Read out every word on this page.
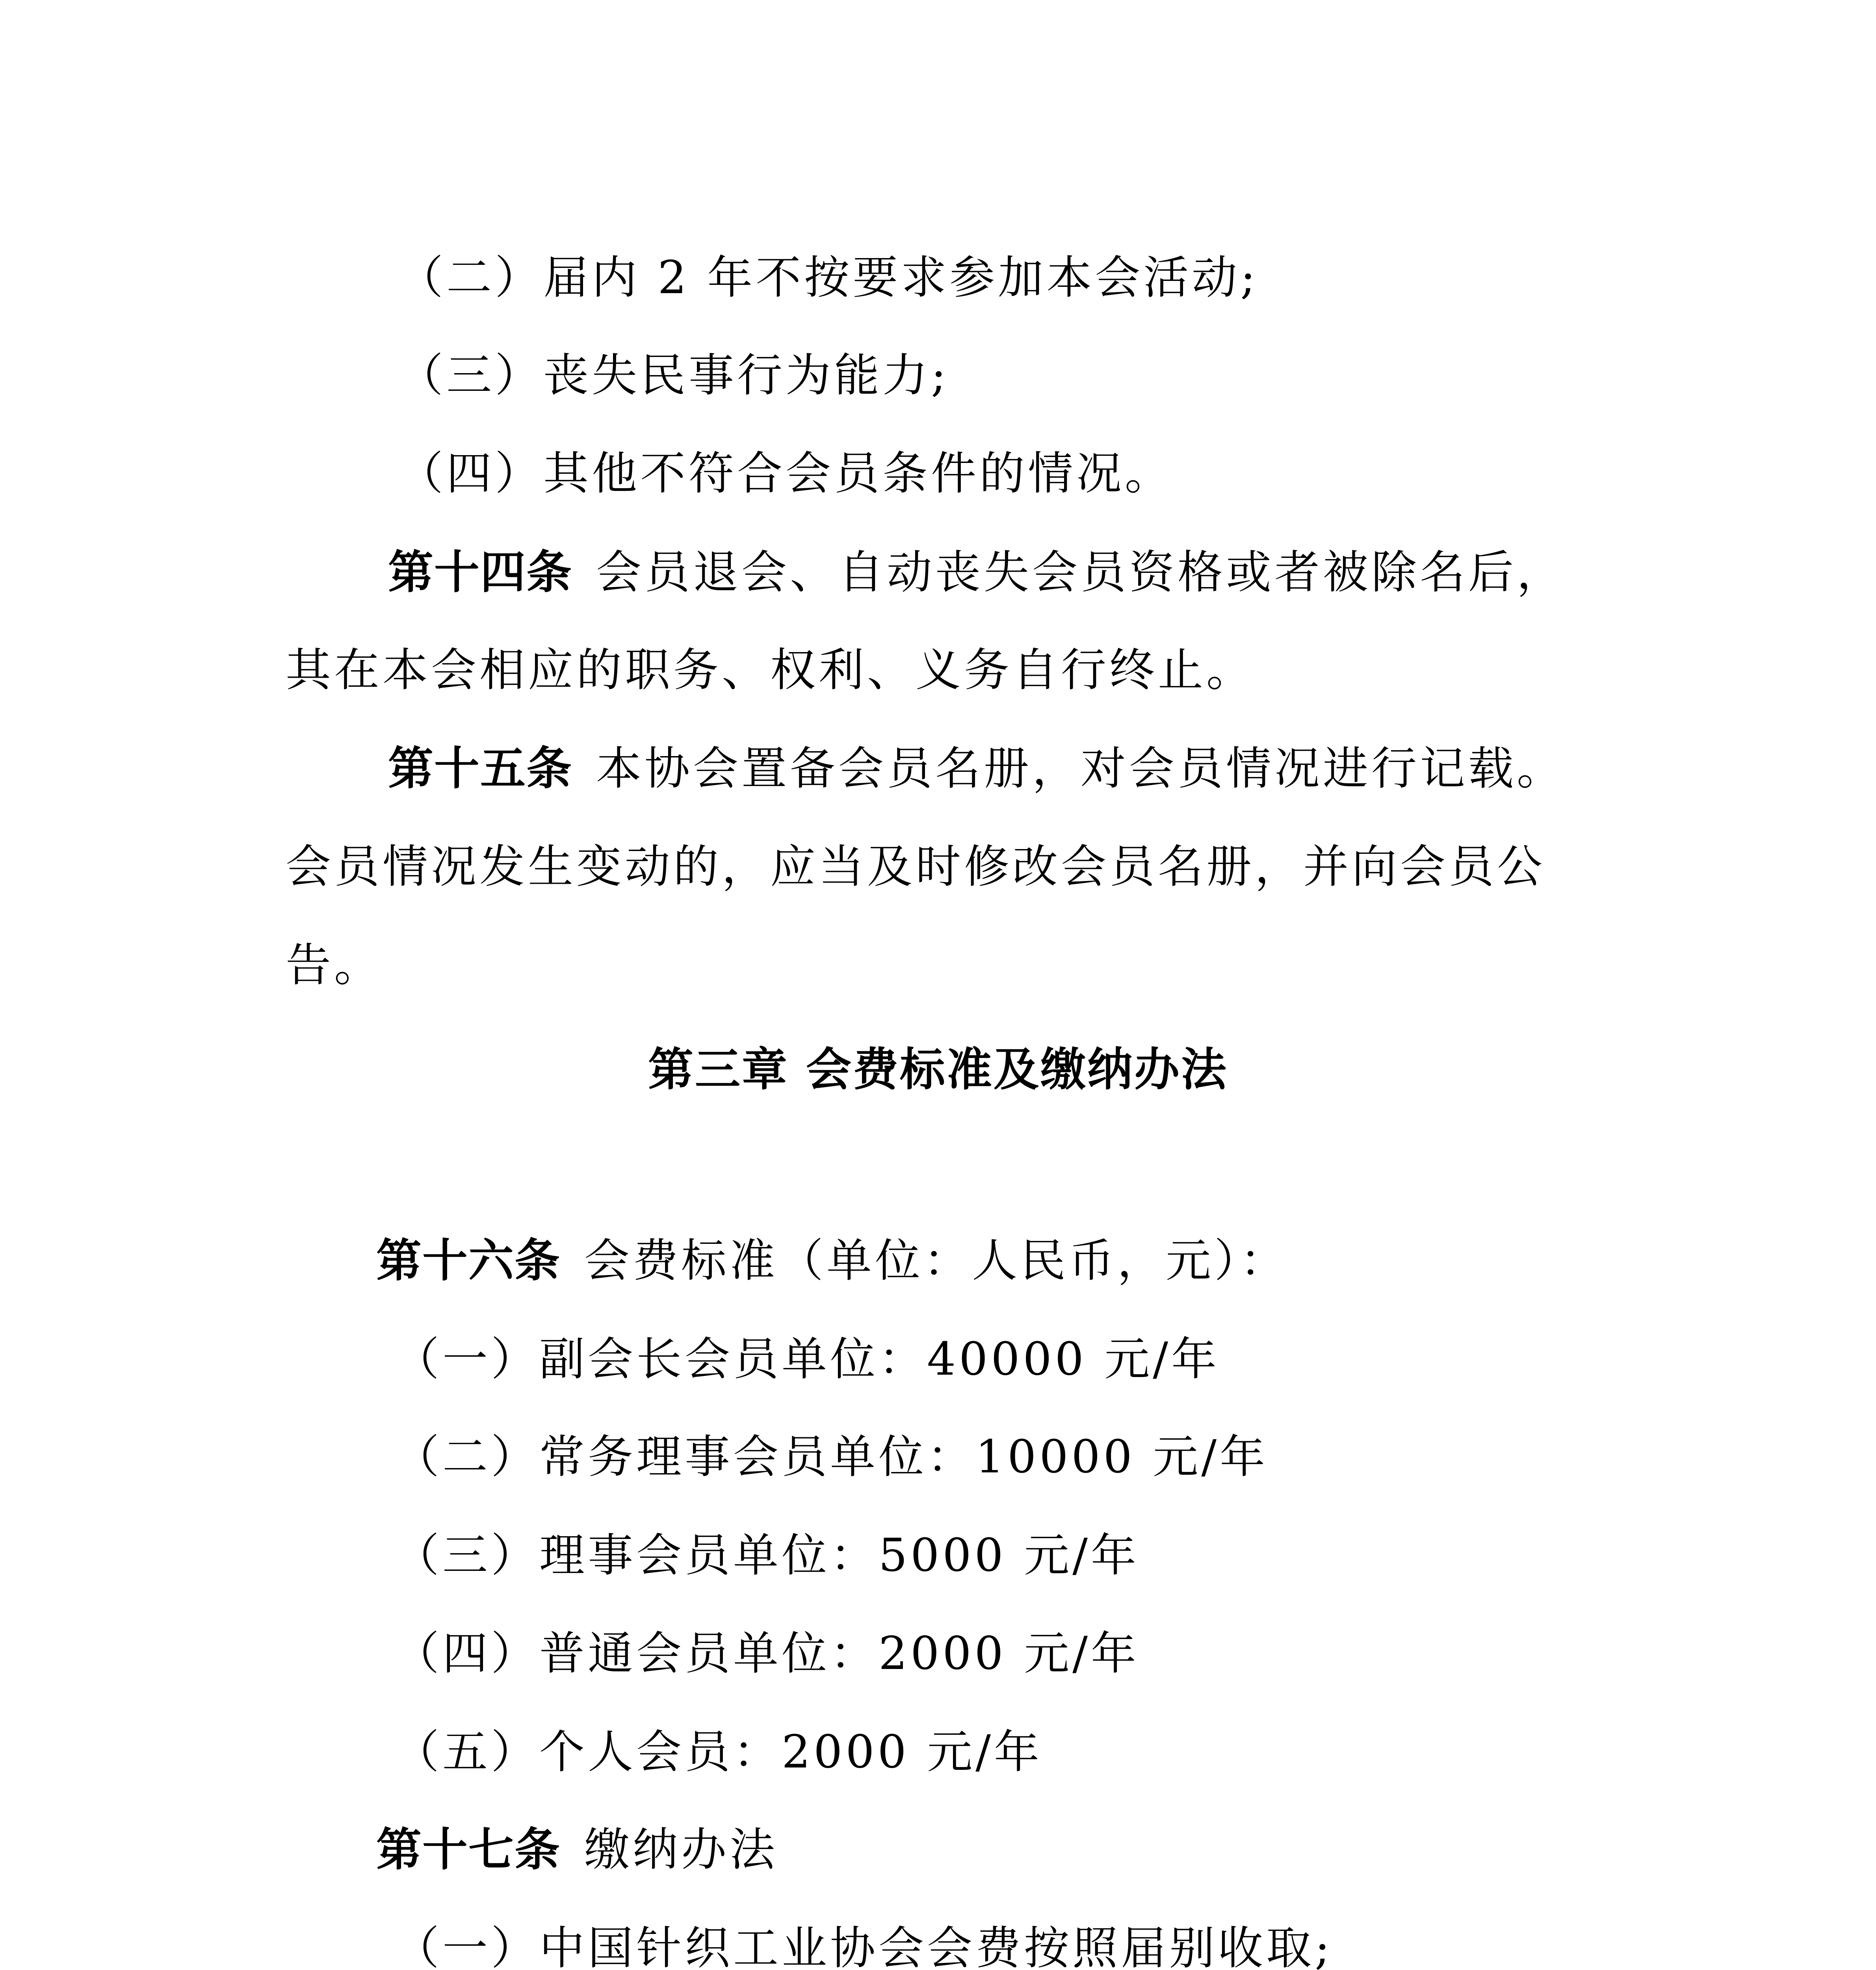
（二）届内 2 年不按要求参加本会活动;
（三）丧失民事行为能力;
（四）其他不符合会员条件的情况。
第十四条 会员退会、自动丧失会员资格或者被除名后，
其在本会相应的职务、权利、义务自行终止。
第十五条 本协会置备会员名册，对会员情况进行记载。
会员情况发生变动的，应当及时修改会员名册，并向会员公
告。
第三章 会费标准及缴纳办法
第十六条 会费标准（单位：人民币，元）：
（一）副会长会员单位：40000 元/年
（二）常务理事会员单位：10000 元/年
（三）理事会员单位：5000 元/年
（四）普通会员单位：2000 元/年
（五）个人会员：2000 元/年
第十七条 缴纳办法
（一）中国针织工业协会会费按照届别收取;
